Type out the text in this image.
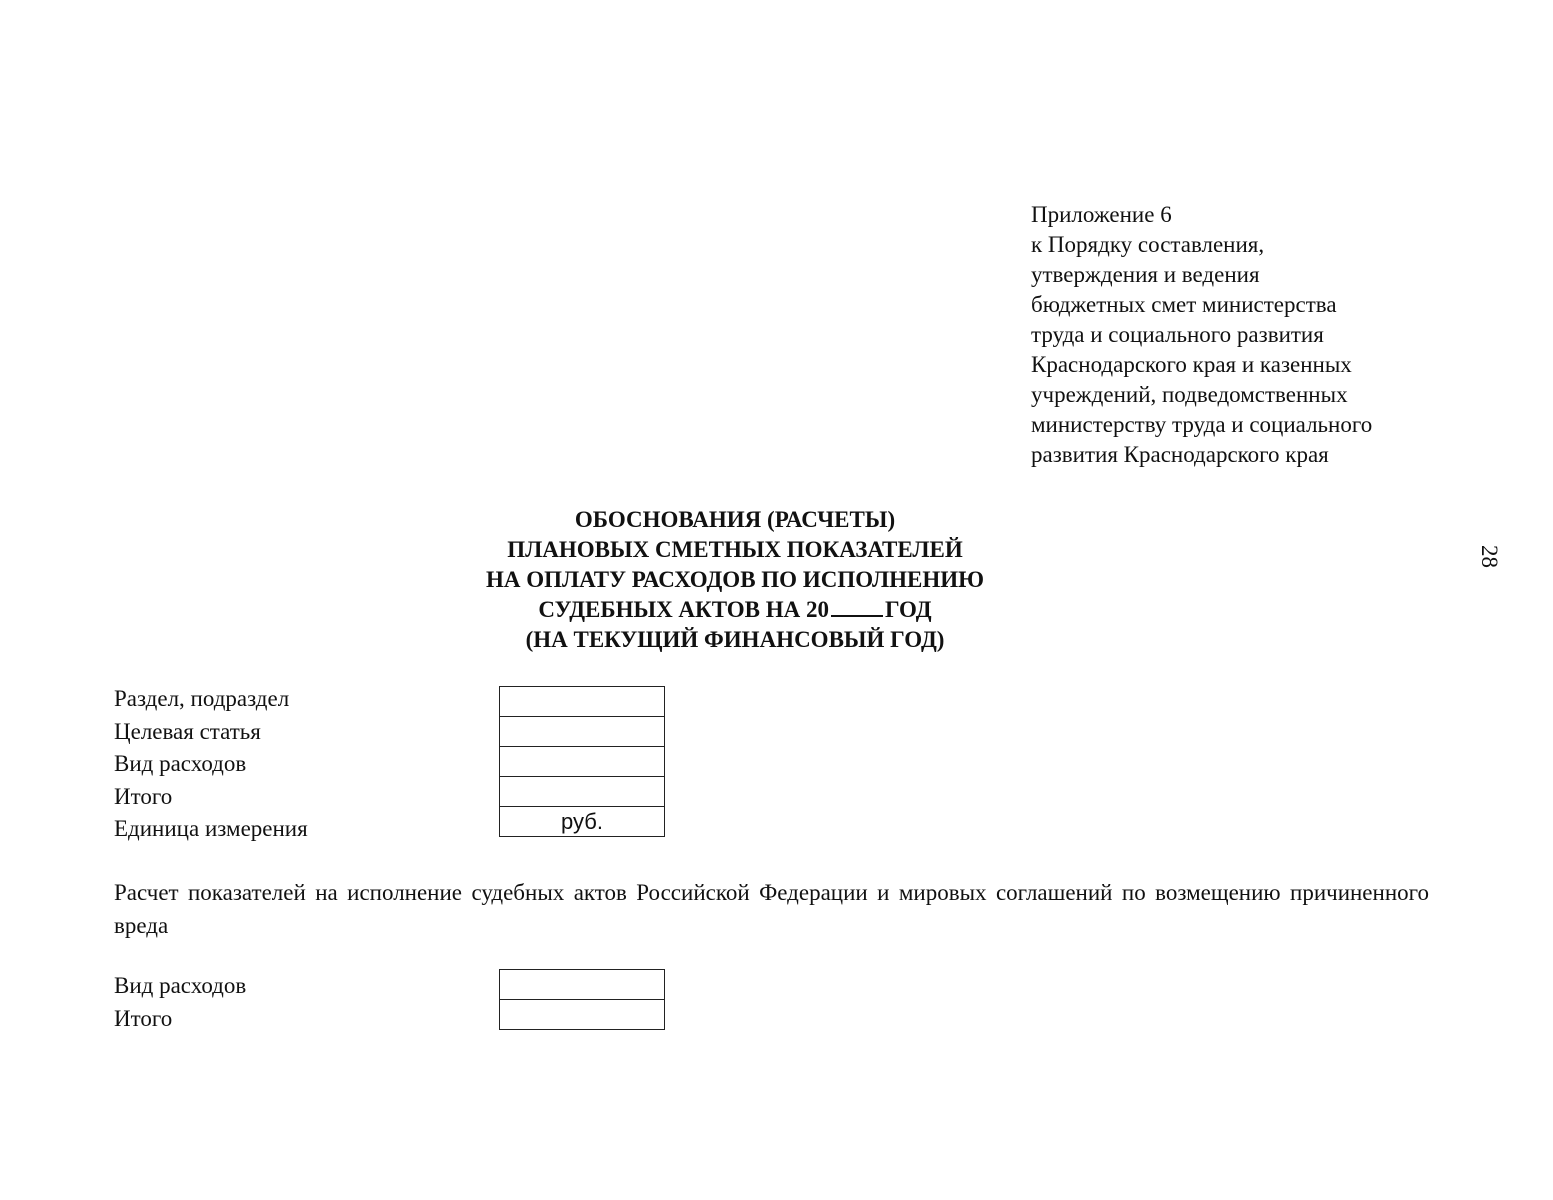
Приложение 6
к Порядку составления,
утверждения и ведения
бюджетных смет министерства
труда и социального развития
Краснодарского края и казенных
учреждений, подведомственных
министерству труда и социального
развития Краснодарского края
28
ОБОСНОВАНИЯ (РАСЧЕТЫ)
ПЛАНОВЫХ СМЕТНЫХ ПОКАЗАТЕЛЕЙ
НА ОПЛАТУ РАСХОДОВ ПО ИСПОЛНЕНИЮ
СУДЕБНЫХ АКТОВ НА 20 ГОД
(НА ТЕКУЩИЙ ФИНАНСОВЫЙ ГОД)
Раздел, подраздел
Целевая статья
Вид расходов
Итого
Единица измерения	руб.
Расчет показателей на исполнение судебных актов Российской Федерации и мировых соглашений по возмещению причиненного вреда
Вид расходов
Итого
